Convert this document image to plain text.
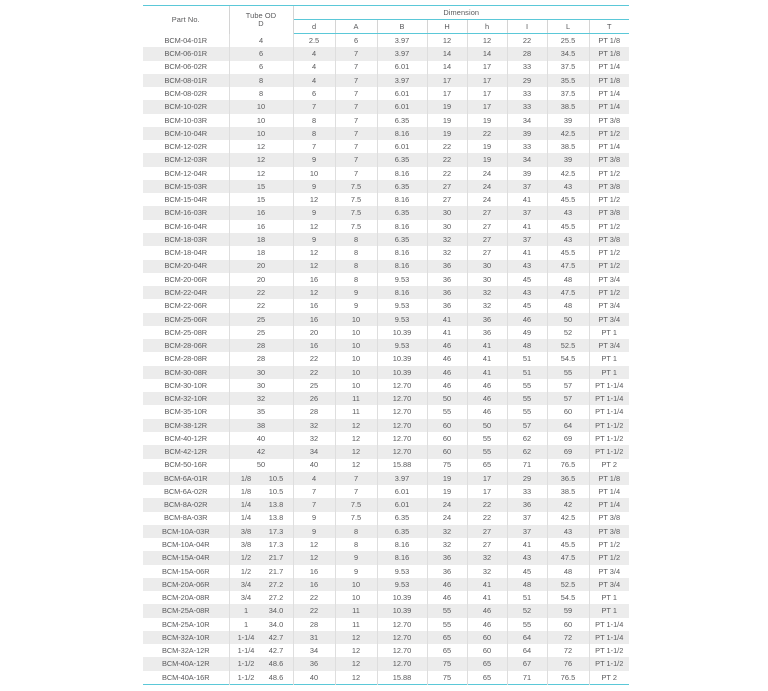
Part No.	Tube OD
D	Dimension							
		d	A	B	H	h	I	L	T
BCM-04-01R	4	2.5	6	3.97	12	12	22	25.5	PT 1/8
BCM-06-01R	6	4	7	3.97	14	14	28	34.5	PT 1/8
BCM-06-02R	6	4	7	6.01	14	17	33	37.5	PT 1/4
BCM-08-01R	8	4	7	3.97	17	17	29	35.5	PT 1/8
BCM-08-02R	8	6	7	6.01	17	17	33	37.5	PT 1/4
BCM-10-02R	10	7	7	6.01	19	17	33	38.5	PT 1/4
BCM-10-03R	10	8	7	6.35	19	19	34	39	PT 3/8
BCM-10-04R	10	8	7	8.16	19	22	39	42.5	PT 1/2
BCM-12-02R	12	7	7	6.01	22	19	33	38.5	PT 1/4
BCM-12-03R	12	9	7	6.35	22	19	34	39	PT 3/8
BCM-12-04R	12	10	7	8.16	22	24	39	42.5	PT 1/2
BCM-15-03R	15	9	7.5	6.35	27	24	37	43	PT 3/8
BCM-15-04R	15	12	7.5	8.16	27	24	41	45.5	PT 1/2
BCM-16-03R	16	9	7.5	6.35	30	27	37	43	PT 3/8
BCM-16-04R	16	12	7.5	8.16	30	27	41	45.5	PT 1/2
BCM-18-03R	18	9	8	6.35	32	27	37	43	PT 3/8
BCM-18-04R	18	12	8	8.16	32	27	41	45.5	PT 1/2
BCM-20-04R	20	12	8	8.16	36	30	43	47.5	PT 1/2
BCM-20-06R	20	16	8	9.53	36	30	45	48	PT 3/4
BCM-22-04R	22	12	9	8.16	36	32	43	47.5	PT 1/2
BCM-22-06R	22	16	9	9.53	36	32	45	48	PT 3/4
BCM-25-06R	25	16	10	9.53	41	36	46	50	PT 3/4
BCM-25-08R	25	20	10	10.39	41	36	49	52	PT 1
BCM-28-06R	28	16	10	9.53	46	41	48	52.5	PT 3/4
BCM-28-08R	28	22	10	10.39	46	41	51	54.5	PT 1
BCM-30-08R	30	22	10	10.39	46	41	51	55	PT 1
BCM-30-10R	30	25	10	12.70	46	46	55	57	PT 1-1/4
BCM-32-10R	32	26	11	12.70	50	46	55	57	PT 1-1/4
BCM-35-10R	35	28	11	12.70	55	46	55	60	PT 1-1/4
BCM-38-12R	38	32	12	12.70	60	50	57	64	PT 1-1/2
BCM-40-12R	40	32	12	12.70	60	55	62	69	PT 1-1/2
BCM-42-12R	42	34	12	12.70	60	55	62	69	PT 1-1/2
BCM-50-16R	50	40	12	15.88	75	65	71	76.5	PT 2
BCM-6A-01R	1/8 10.5	4	7	3.97	19	17	29	36.5	PT 1/8
BCM-6A-02R	1/8 10.5	7	7	6.01	19	17	33	38.5	PT 1/4
BCM-8A-02R	1/4 13.8	7	7.5	6.01	24	22	36	42	PT 1/4
BCM-8A-03R	1/4 13.8	9	7.5	6.35	24	22	37	42.5	PT 3/8
BCM-10A-03R	3/8 17.3	9	8	6.35	32	27	37	43	PT 3/8
BCM-10A-04R	3/8 17.3	12	8	8.16	32	27	41	45.5	PT 1/2
BCM-15A-04R	1/2 21.7	12	9	8.16	36	32	43	47.5	PT 1/2
BCM-15A-06R	1/2 21.7	16	9	9.53	36	32	45	48	PT 3/4
BCM-20A-06R	3/4 27.2	16	10	9.53	46	41	48	52.5	PT 3/4
BCM-20A-08R	3/4 27.2	22	10	10.39	46	41	51	54.5	PT 1
BCM-25A-08R	1 34.0	22	11	10.39	55	46	52	59	PT 1
BCM-25A-10R	1 34.0	28	11	12.70	55	46	55	60	PT 1-1/4
BCM-32A-10R	1-1/4 42.7	31	12	12.70	65	60	64	72	PT 1-1/4
BCM-32A-12R	1-1/4 42.7	34	12	12.70	65	60	64	72	PT 1-1/2
BCM-40A-12R	1-1/2 48.6	36	12	12.70	75	65	67	76	PT 1-1/2
BCM-40A-16R	1-1/2 48.6	40	12	15.88	75	65	71	76.5	PT 2
